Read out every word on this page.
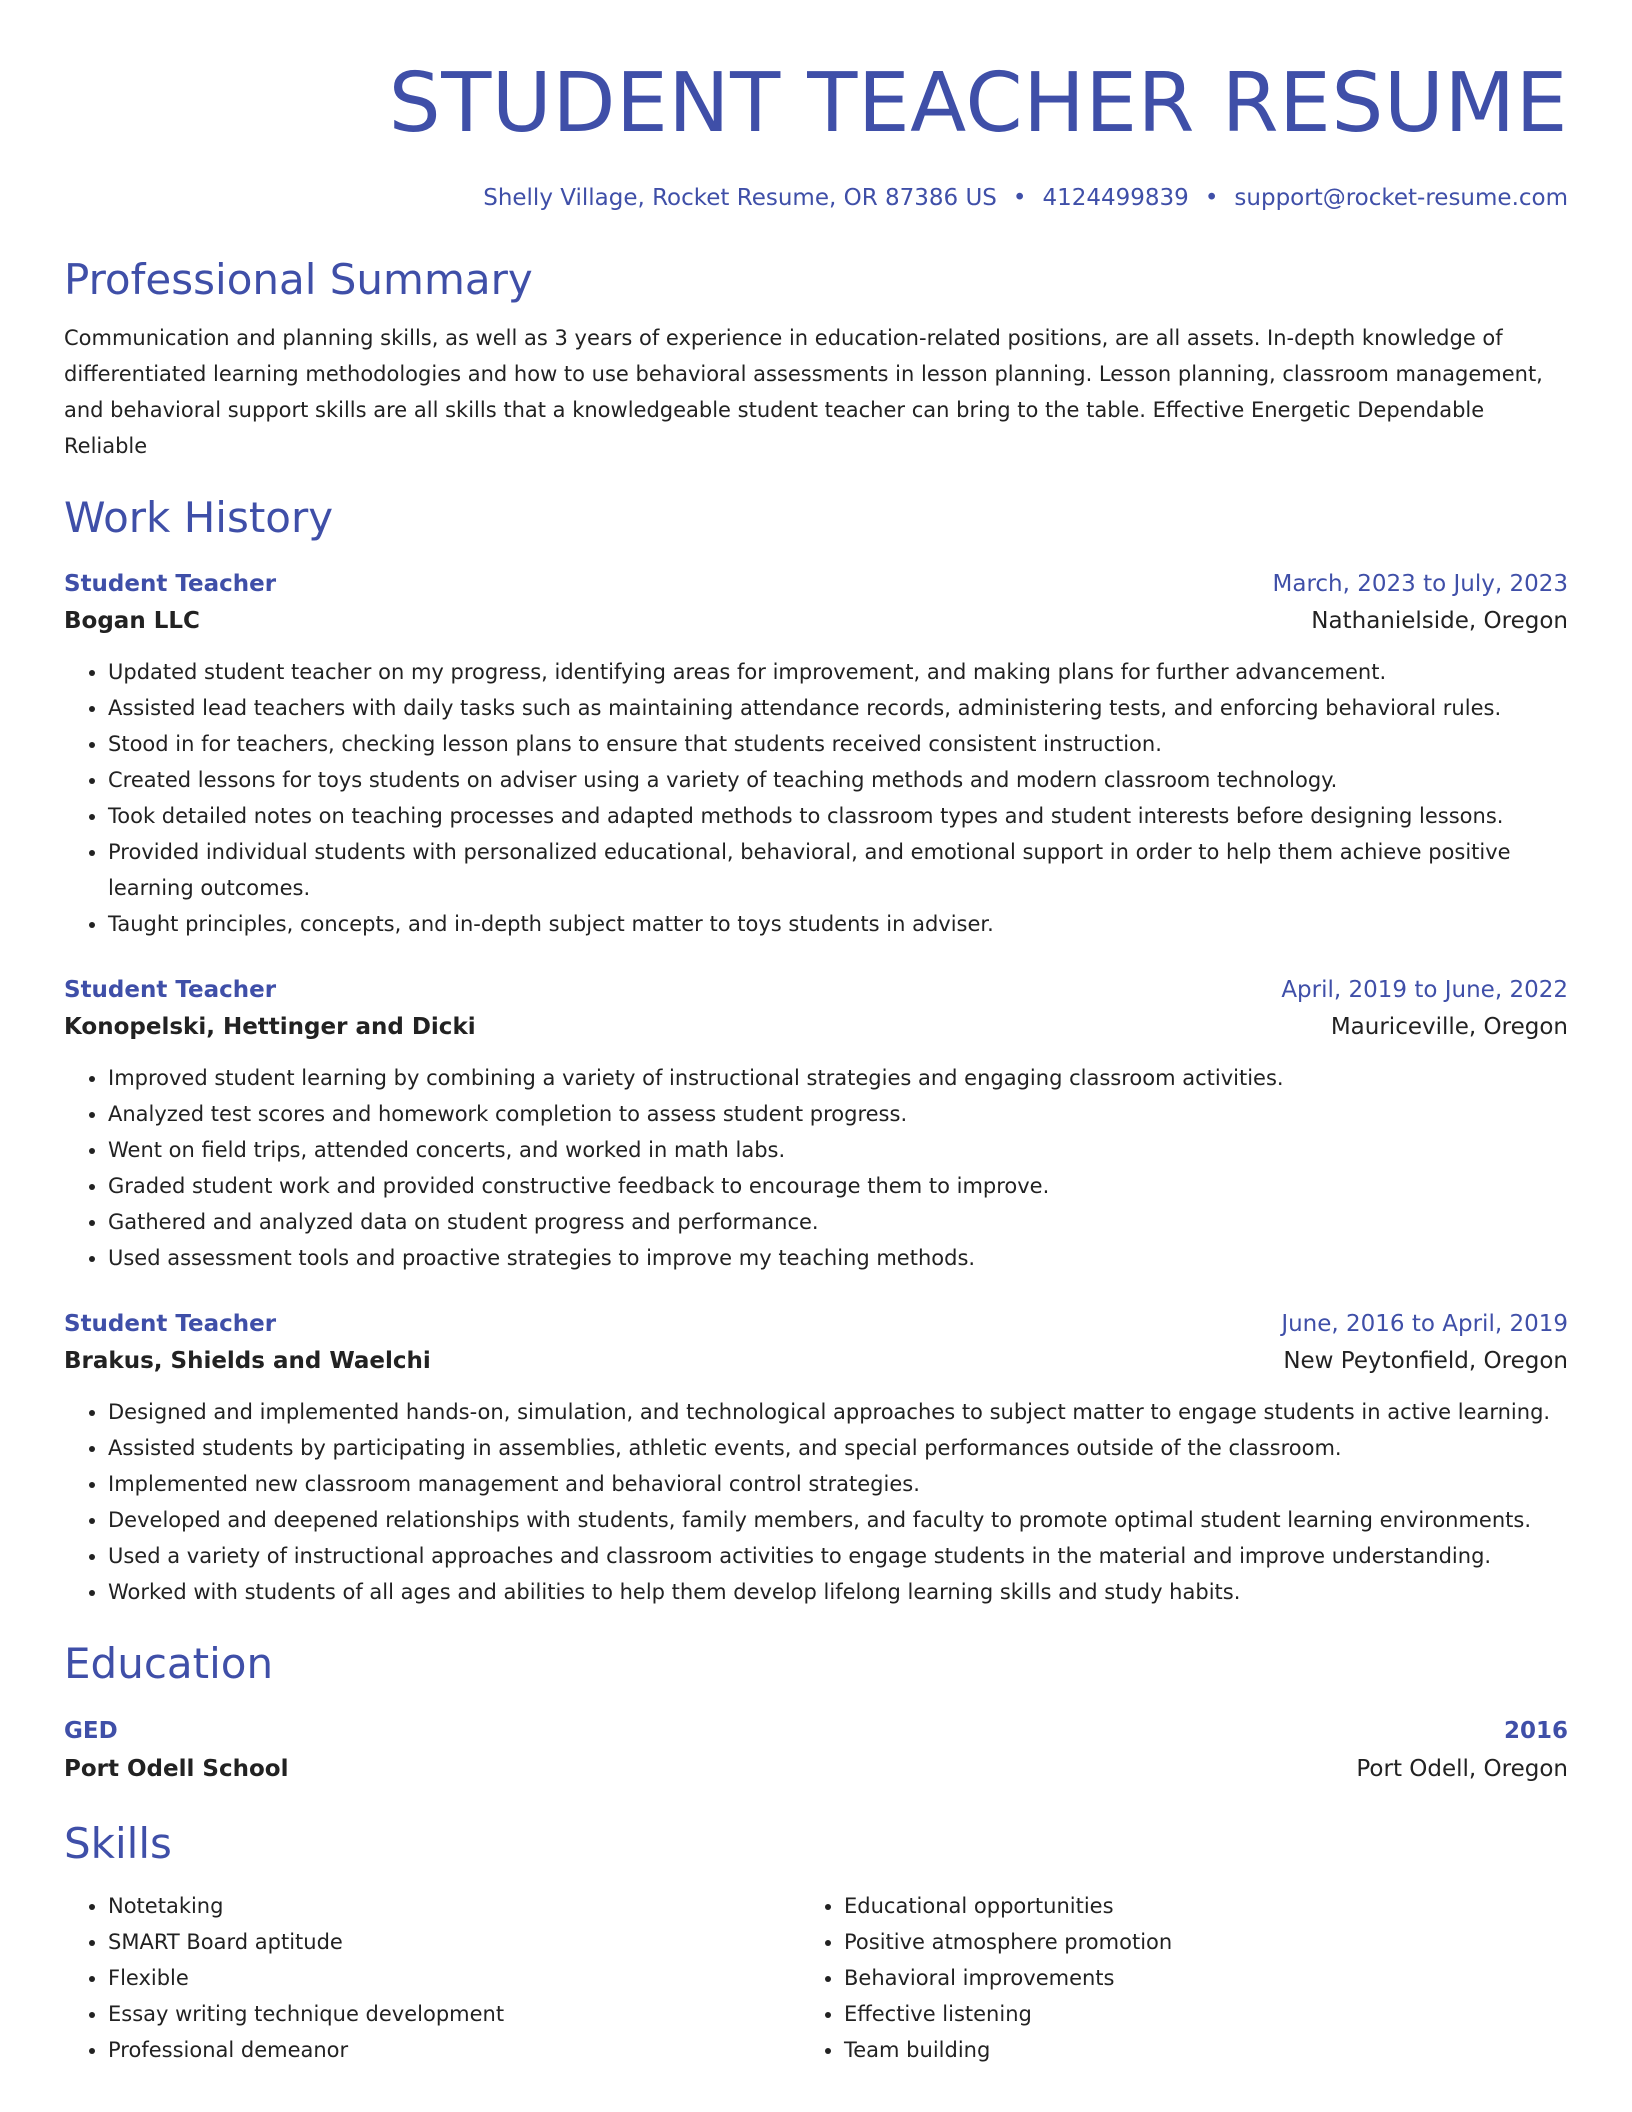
STUDENT TEACHER RESUME
Shelly Village, Rocket Resume, OR 87386 US • 4124499839 • support@rocket-resume.com
Professional Summary
Communication and planning skills, as well as 3 years of experience in education-related positions, are all assets. In-depth knowledge of differentiated learning methodologies and how to use behavioral assessments in lesson planning. Lesson planning, classroom management, and behavioral support skills are all skills that a knowledgeable student teacher can bring to the table. Effective Energetic Dependable Reliable
Work History
Student Teacher	March, 2023 to July, 2023
Bogan LLC	Nathanielside, Oregon
• Updated student teacher on my progress, identifying areas for improvement, and making plans for further advancement.
• Assisted lead teachers with daily tasks such as maintaining attendance records, administering tests, and enforcing behavioral rules.
• Stood in for teachers, checking lesson plans to ensure that students received consistent instruction.
• Created lessons for toys students on adviser using a variety of teaching methods and modern classroom technology.
• Took detailed notes on teaching processes and adapted methods to classroom types and student interests before designing lessons.
• Provided individual students with personalized educational, behavioral, and emotional support in order to help them achieve positive learning outcomes.
• Taught principles, concepts, and in-depth subject matter to toys students in adviser.
Student Teacher	April, 2019 to June, 2022
Konopelski, Hettinger and Dicki	Mauriceville, Oregon
• Improved student learning by combining a variety of instructional strategies and engaging classroom activities.
• Analyzed test scores and homework completion to assess student progress.
• Went on field trips, attended concerts, and worked in math labs.
• Graded student work and provided constructive feedback to encourage them to improve.
• Gathered and analyzed data on student progress and performance.
• Used assessment tools and proactive strategies to improve my teaching methods.
Student Teacher	June, 2016 to April, 2019
Brakus, Shields and Waelchi	New Peytonfield, Oregon
• Designed and implemented hands-on, simulation, and technological approaches to subject matter to engage students in active learning.
• Assisted students by participating in assemblies, athletic events, and special performances outside of the classroom.
• Implemented new classroom management and behavioral control strategies.
• Developed and deepened relationships with students, family members, and faculty to promote optimal student learning environments.
• Used a variety of instructional approaches and classroom activities to engage students in the material and improve understanding.
• Worked with students of all ages and abilities to help them develop lifelong learning skills and study habits.
Education
GED	2016
Port Odell School	Port Odell, Oregon
Skills
• Notetaking
• SMART Board aptitude
• Flexible
• Essay writing technique development
• Professional demeanor
• Educational opportunities
• Positive atmosphere promotion
• Behavioral improvements
• Effective listening
• Team building
